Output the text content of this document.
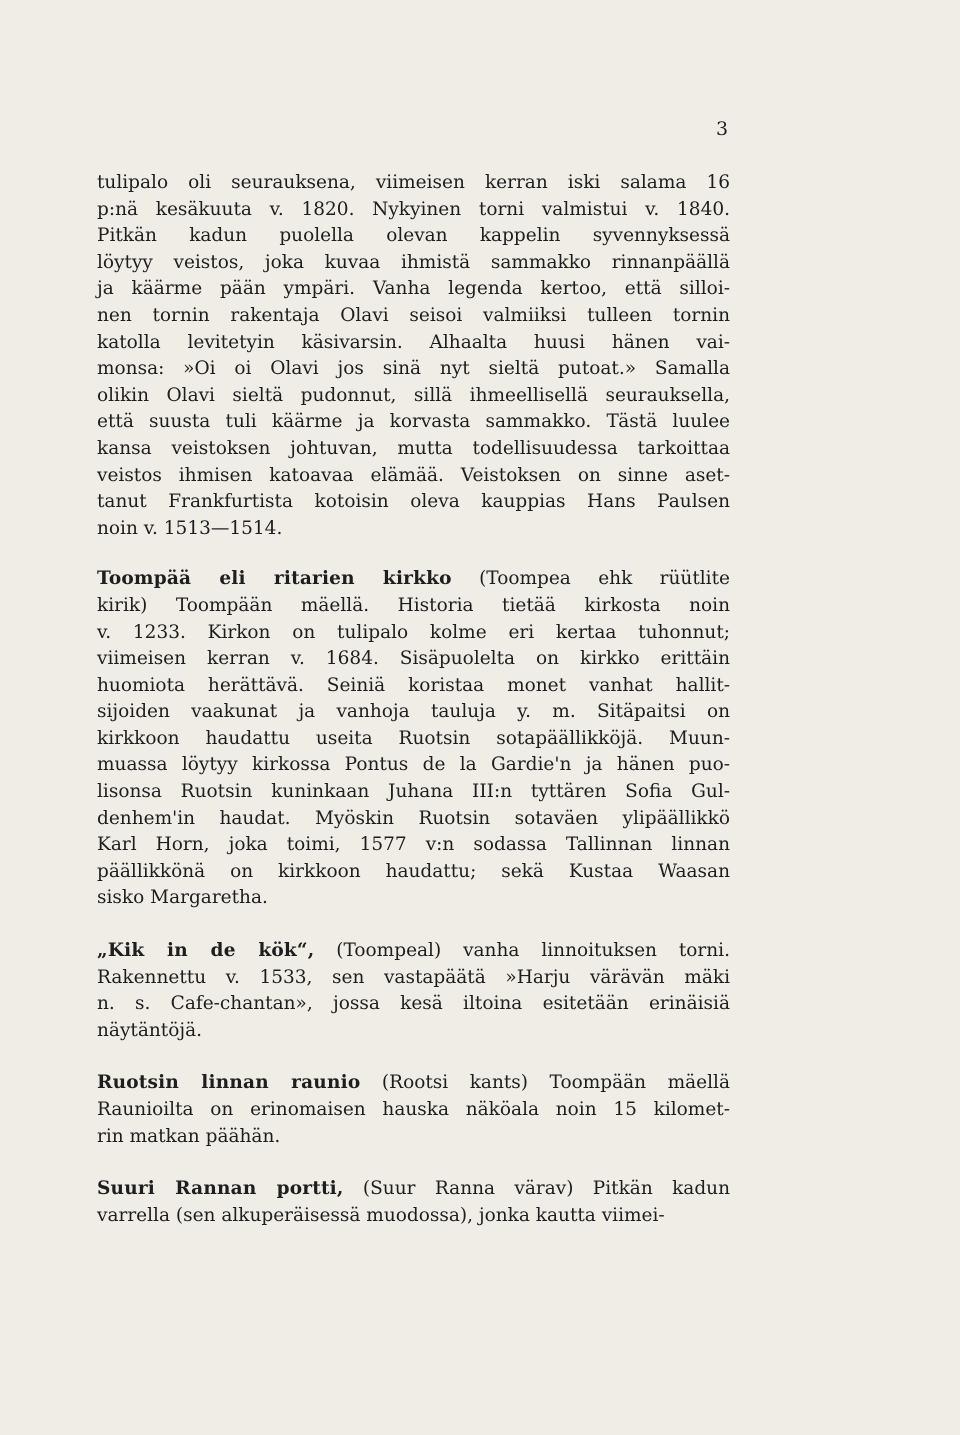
3
tulipalo oli seurauksena, viimeisen kerran iski salama 16
p:nä kesäkuuta v. 1820. Nykyinen torni valmistui v. 1840.
Pitkän kadun puolella olevan kappelin syvennyksessä
löytyy veistos, joka kuvaa ihmistä sammakko rinnanpäällä
ja käärme pään ympäri. Vanha legenda kertoo, että silloi-
nen tornin rakentaja Olavi seisoi valmiiksi tulleen tornin
katolla levitetyin käsivarsin. Alhaalta huusi hänen vai-
monsa: »Oi oi Olavi jos sinä nyt sieltä putoat.» Samalla
olikin Olavi sieltä pudonnut, sillä ihmeellisellä seurauksella,
että suusta tuli käärme ja korvasta sammakko. Tästä luulee
kansa veistoksen johtuvan, mutta todellisuudessa tarkoittaa
veistos ihmisen katoavaa elämää. Veistoksen on sinne aset-
tanut Frankfurtista kotoisin oleva kauppias Hans Paulsen
noin v. 1513—1514.
Toompää eli ritarien kirkko (Toompea ehk rüütlite
kirik) Toompään mäellä. Historia tietää kirkosta noin
v. 1233. Kirkon on tulipalo kolme eri kertaa tuhonnut;
viimeisen kerran v. 1684. Sisäpuolelta on kirkko erittäin
huomiota herättävä. Seiniä koristaa monet vanhat hallit-
sijoiden vaakunat ja vanhoja tauluja y. m. Sitäpaitsi on
kirkkoon haudattu useita Ruotsin sotapäällikköjä. Muun-
muassa löytyy kirkossa Pontus de la Gardie'n ja hänen puo-
lisonsa Ruotsin kuninkaan Juhana III:n tyttären Sofia Gul-
denhem'in haudat. Myöskin Ruotsin sotaväen ylipäällikkö
Karl Horn, joka toimi, 1577 v:n sodassa Tallinnan linnan
päällikkönä on kirkkoon haudattu; sekä Kustaa Waasan
sisko Margaretha.
„Kik in de kök“, (Toompeal) vanha linnoituksen torni.
Rakennettu v. 1533, sen vastapäätä »Harju värävän mäki
n. s. Cafe-chantan», jossa kesä iltoina esitetään erinäisiä
näytäntöjä.
Ruotsin linnan raunio (Rootsi kants) Toompään mäellä
Raunioilta on erinomaisen hauska näköala noin 15 kilomet-
rin matkan päähän.
Suuri Rannan portti, (Suur Ranna värav) Pitkän kadun
varrella (sen alkuperäisessä muodossa), jonka kautta viimei-
